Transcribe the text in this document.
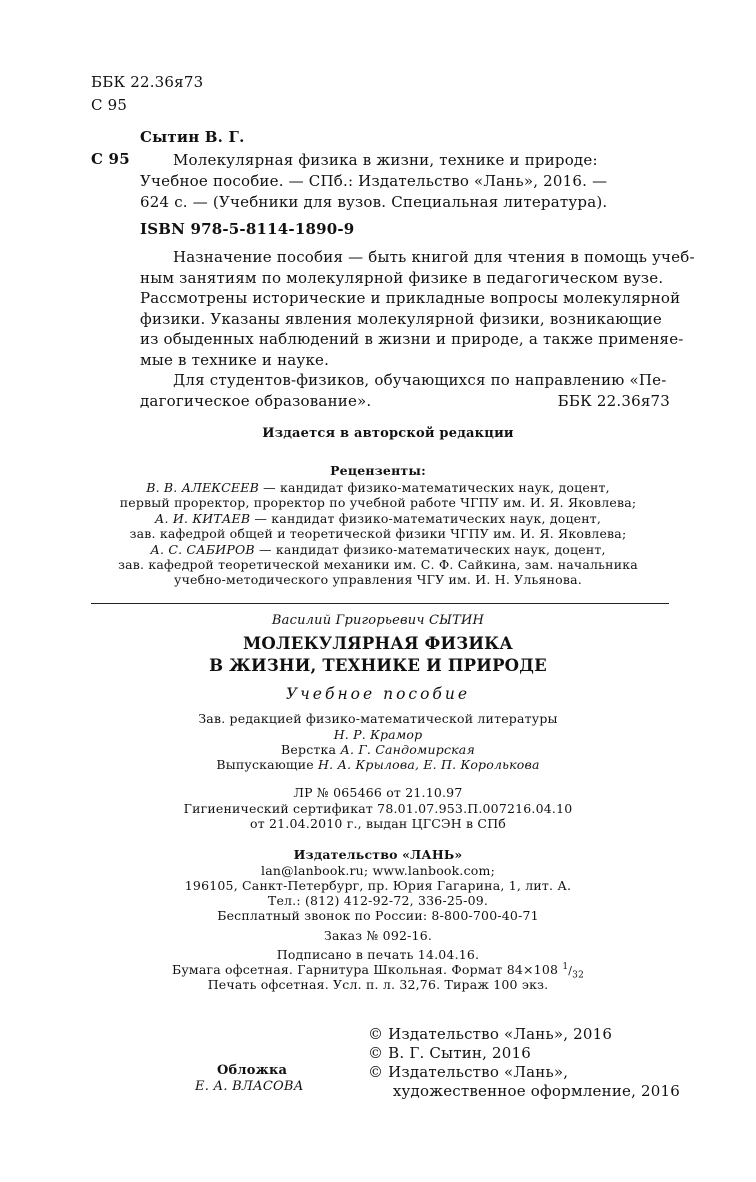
ББК 22.36я73
С 95
Сытин В. Г.
С 95	Молекулярная физика в жизни, технике и природе:
Учебное пособие. — СПб.: Издательство «Лань», 2016. —
624 с. — (Учебники для вузов. Специальная литература).
ISBN 978-5-8114-1890-9
Назначение пособия — быть книгой для чтения в помощь учеб-
ным занятиям по молекулярной физике в педагогическом вузе.
Рассмотрены исторические и прикладные вопросы молекулярной
физики. Указаны явления молекулярной физики, возникающие
из обыденных наблюдений в жизни и природе, а также применяе-
мые в технике и науке.
Для студентов-физиков, обучающихся по направлению «Пе-
дагогическое образование».	ББК 22.36я73
Издается в авторской редакции
Рецензенты:
В. В. АЛЕКСЕЕВ — кандидат физико-математических наук, доцент,
первый проректор, проректор по учебной работе ЧГПУ им. И. Я. Яковлева;
А. И. КИТАЕВ — кандидат физико-математических наук, доцент,
зав. кафедрой общей и теоретической физики ЧГПУ им. И. Я. Яковлева;
А. С. САБИРОВ — кандидат физико-математических наук, доцент,
зав. кафедрой теоретической механики им. С. Ф. Сайкина, зам. начальника
учебно-методического управления ЧГУ им. И. Н. Ульянова.
Василий Григорьевич СЫТИН
МОЛЕКУЛЯРНАЯ ФИЗИКА
В ЖИЗНИ, ТЕХНИКЕ И ПРИРОДЕ
Учебное пособие
Зав. редакцией физико-математической литературы
Н. Р. Крамор
Верстка А. Г. Сандомирская
Выпускающие Н. А. Крылова, Е. П. Королькова
ЛР № 065466 от 21.10.97
Гигиенический сертификат 78.01.07.953.П.007216.04.10
от 21.04.2010 г., выдан ЦГСЭН в СПб
Издательство «ЛАНЬ»
lan@lanbook.ru; www.lanbook.com;
196105, Санкт-Петербург, пр. Юрия Гагарина, 1, лит. А.
Тел.: (812) 412-92-72, 336-25-09.
Бесплатный звонок по России: 8-800-700-40-71
Заказ № 092-16.
Подписано в печать 14.04.16.
Бумага офсетная. Гарнитура Школьная. Формат 84×108 $^1/_{32}$
Печать офсетная. Усл. п. л. 32,76. Тираж 100 экз.
Обложка
Е. А. ВЛАСОВА
© Издательство «Лань», 2016
© В. Г. Сытин, 2016
© Издательство «Лань»,
художественное оформление, 2016
